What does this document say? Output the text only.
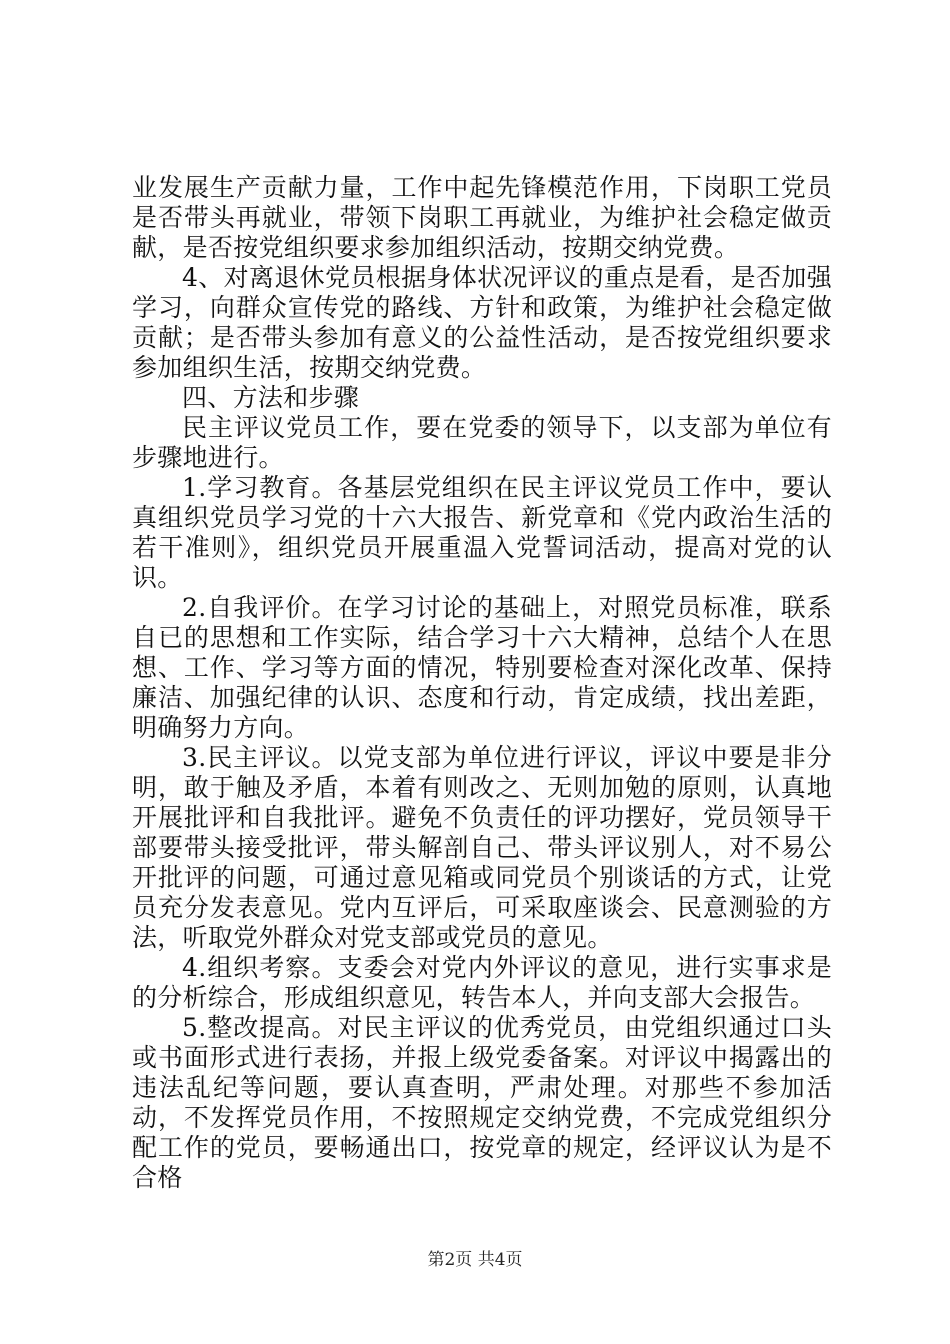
业发展生产贡献力量，工作中起先锋模范作用，下岗职工党员是否带头再就业，带领下岗职工再就业，为维护社会稳定做贡献，是否按党组织要求参加组织活动，按期交纳党费。

4、对离退休党员根据身体状况评议的重点是看，是否加强学习，向群众宣传党的路线、方针和政策，为维护社会稳定做贡献；是否带头参加有意义的公益性活动，是否按党组织要求参加组织生活，按期交纳党费。

四、方法和步骤

民主评议党员工作，要在党委的领导下，以支部为单位有步骤地进行。

1.学习教育。各基层党组织在民主评议党员工作中，要认真组织党员学习党的十六大报告、新党章和《党内政治生活的若干准则》，组织党员开展重温入党誓词活动，提高对党的认识。

2.自我评价。在学习讨论的基础上，对照党员标准，联系自已的思想和工作实际，结合学习十六大精神，总结个人在思想、工作、学习等方面的情况，特别要检查对深化改革、保持廉洁、加强纪律的认识、态度和行动，肯定成绩，找出差距，明确努力方向。

3.民主评议。以党支部为单位进行评议，评议中要是非分明，敢于触及矛盾，本着有则改之、无则加勉的原则，认真地开展批评和自我批评。避免不负责任的评功摆好，党员领导干部要带头接受批评，带头解剖自己、带头评议别人，对不易公开批评的问题，可通过意见箱或同党员个别谈话的方式，让党员充分发表意见。党内互评后，可采取座谈会、民意测验的方法，听取党外群众对党支部或党员的意见。

4.组织考察。支委会对党内外评议的意见，进行实事求是的分析综合，形成组织意见，转告本人，并向支部大会报告。

5.整改提高。对民主评议的优秀党员，由党组织通过口头或书面形式进行表扬，并报上级党委备案。对评议中揭露出的违法乱纪等问题，要认真查明，严肃处理。对那些不参加活动，不发挥党员作用，不按照规定交纳党费，不完成党组织分配工作的党员，要畅通出口，按党章的规定，经评议认为是不合格

第2页 共4页
